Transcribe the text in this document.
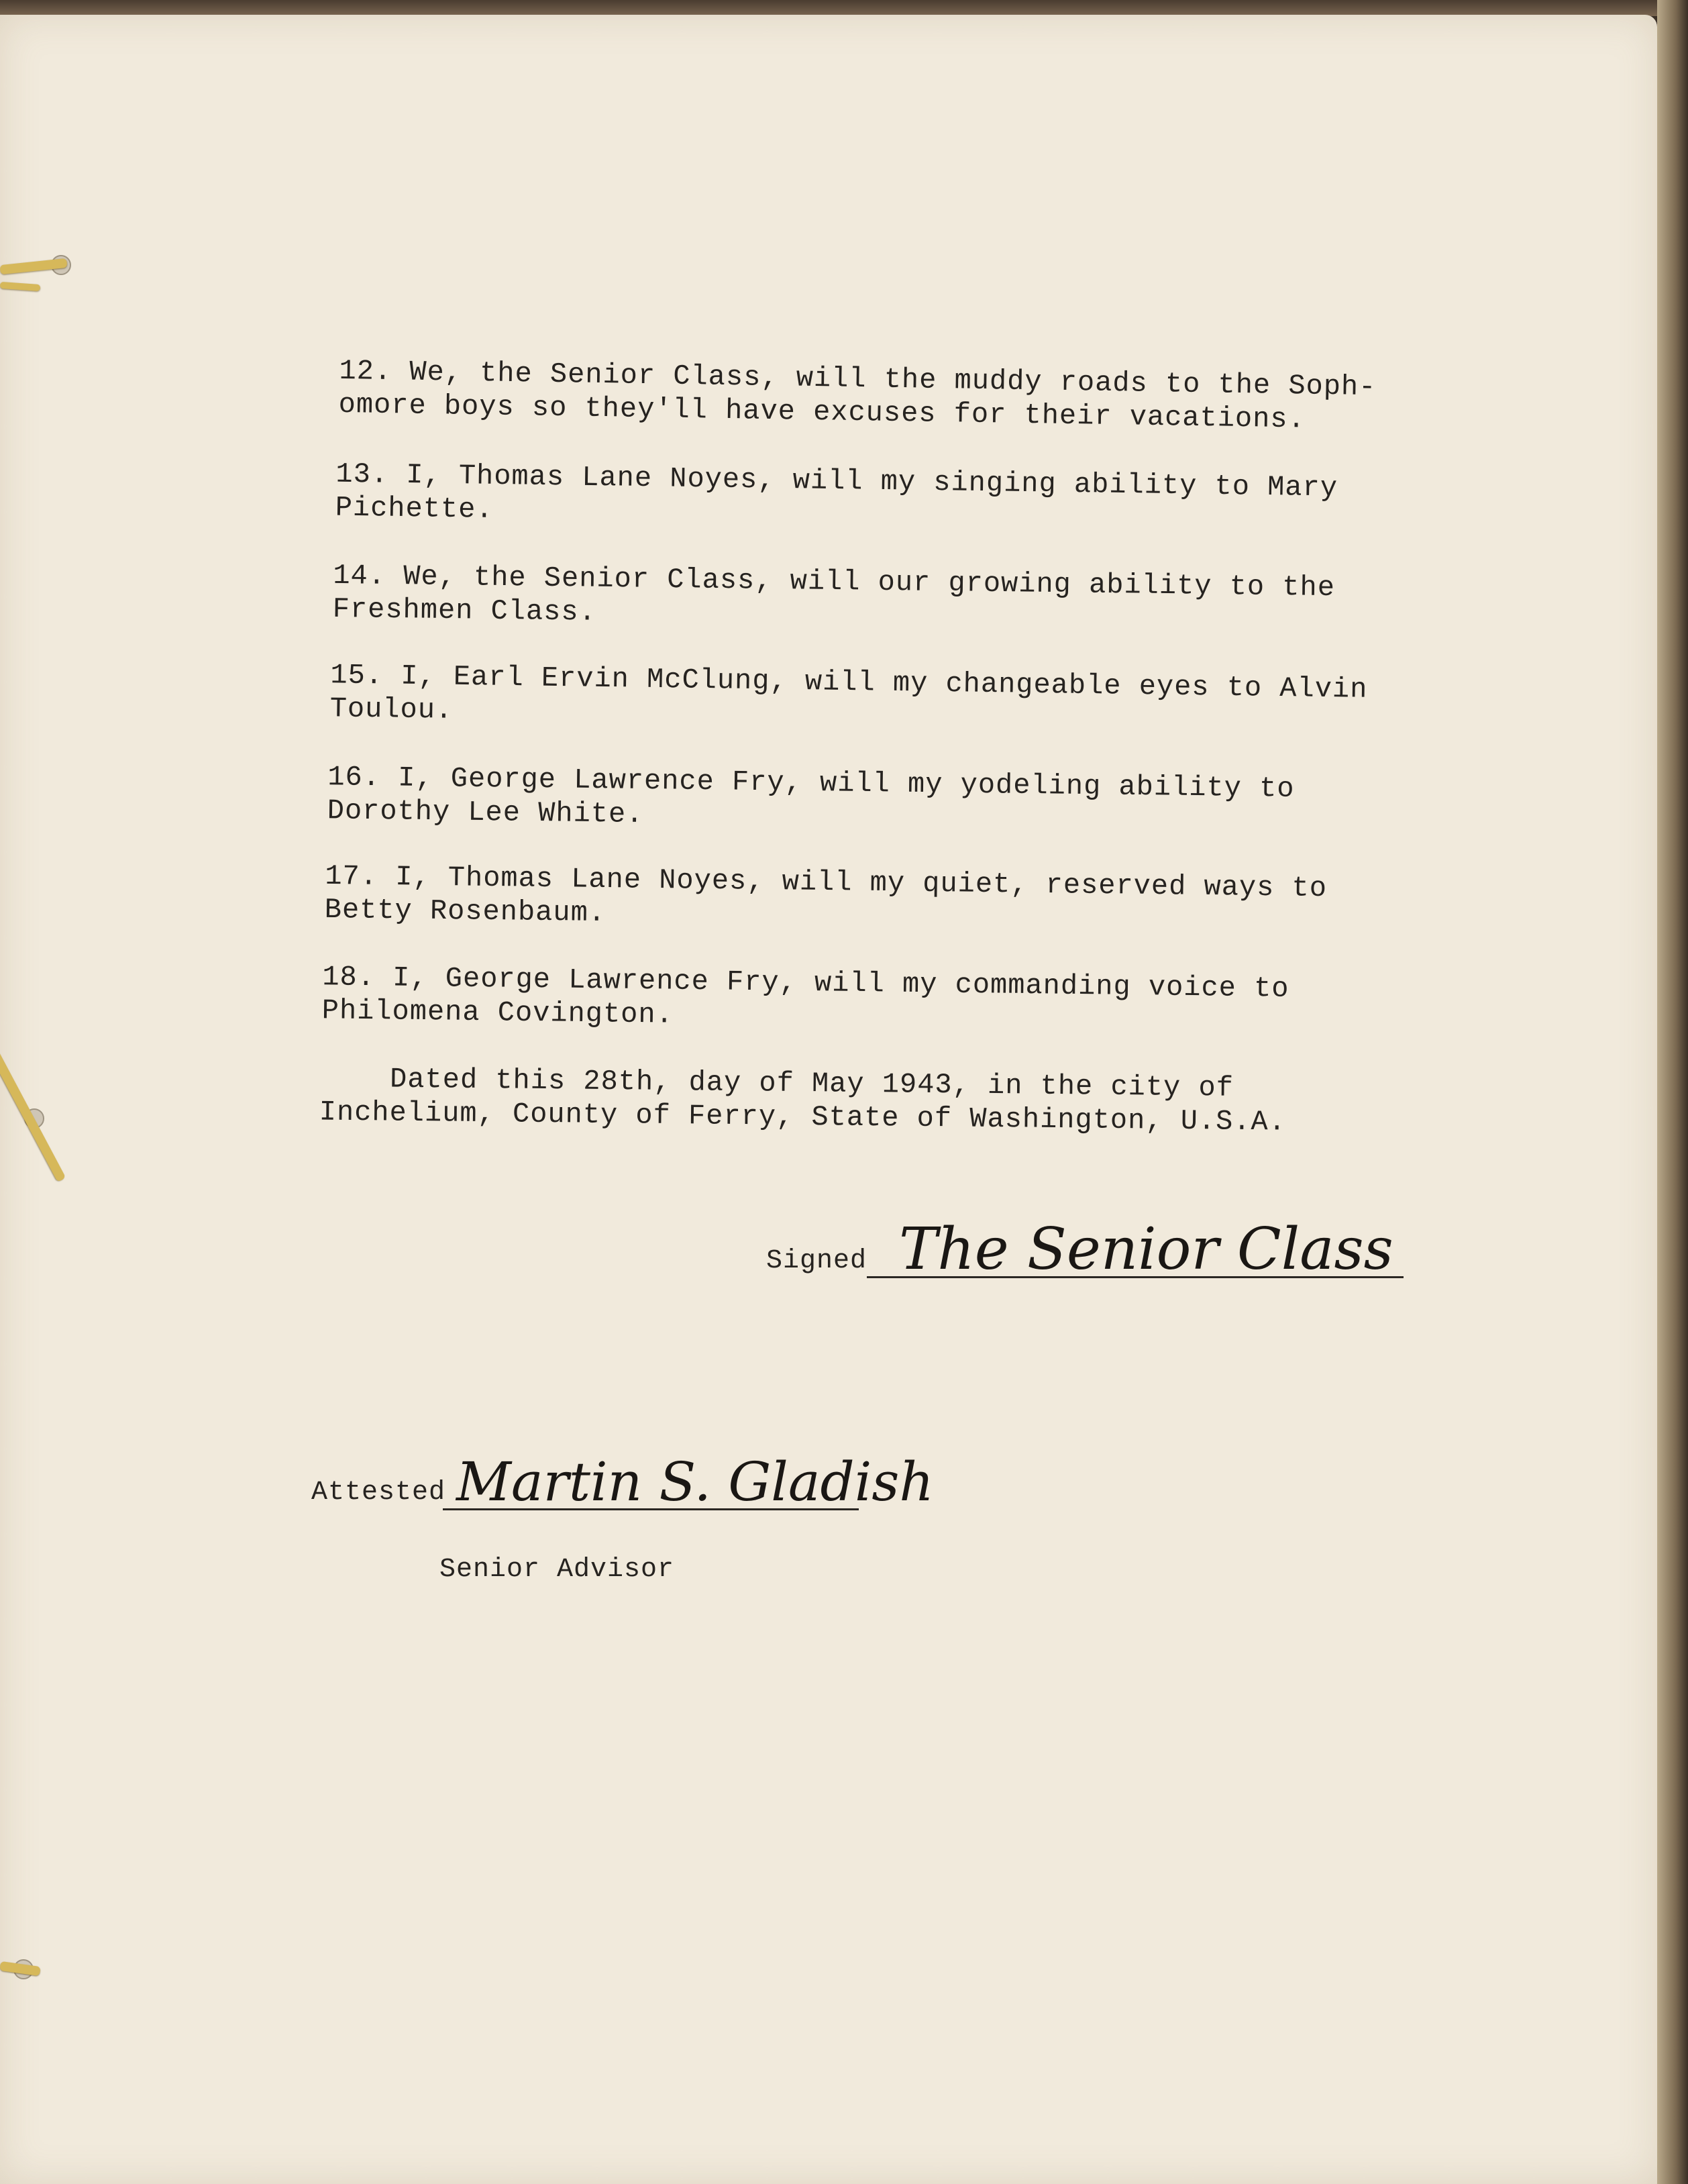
12. We, the Senior Class, will the muddy roads to the Soph-
omore boys so they'll have excuses for their vacations.

13. I, Thomas Lane Noyes, will my singing ability to Mary
Pichette.

14. We, the Senior Class, will our growing ability to the
Freshmen Class.

15. I, Earl Ervin McClung, will my changeable eyes to Alvin
Toulou.

16. I, George Lawrence Fry, will my yodeling ability to
Dorothy Lee White.

17. I, Thomas Lane Noyes, will my quiet, reserved ways to
Betty Rosenbaum.

18. I, George Lawrence Fry, will my commanding voice to
Philomena Covington.

Dated this 28th, day of May 1943, in the city of
Inchelium, County of Ferry, State of Washington, U.S.A.

Signed The Senior Class
Attested Martin S. Gladish
Senior Advisor
